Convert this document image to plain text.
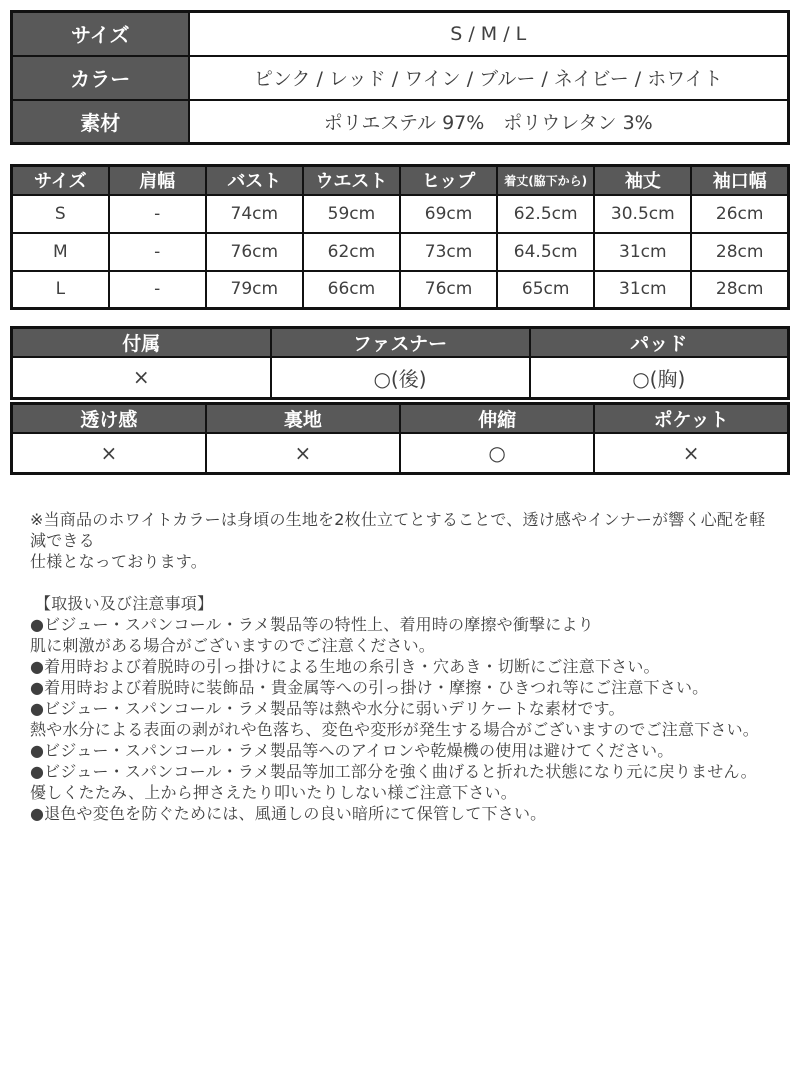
サイズ	S / M / L
カラー	ピンク / レッド / ワイン / ブルー / ネイビー / ホワイト
素材	ポリエステル 97%　ポリウレタン 3%
サイズ	肩幅	バスト	ウエスト	ヒップ	着丈(脇下から)	袖丈	袖口幅
S	-	74cm	59cm	69cm	62.5cm	30.5cm	26cm
M	-	76cm	62cm	73cm	64.5cm	31cm	28cm
L	-	79cm	66cm	76cm	65cm	31cm	28cm
付属	ファスナー	パッド
×	○(後)	○(胸)
透け感	裏地	伸縮	ポケット
×	×	○	×
※当商品のホワイトカラーは身頃の生地を2枚仕立てとすることで、透け感やインナーが響く心配を軽減できる
仕様となっております。
【取扱い及び注意事項】
●ビジュー・スパンコール・ラメ製品等の特性上、着用時の摩擦や衝撃により
肌に刺激がある場合がございますのでご注意ください。
●着用時および着脱時の引っ掛けによる生地の糸引き・穴あき・切断にご注意下さい。
●着用時および着脱時に装飾品・貴金属等への引っ掛け・摩擦・ひきつれ等にご注意下さい。
●ビジュー・スパンコール・ラメ製品等は熱や水分に弱いデリケートな素材です。
熱や水分による表面の剥がれや色落ち、変色や変形が発生する場合がございますのでご注意下さい。
●ビジュー・スパンコール・ラメ製品等へのアイロンや乾燥機の使用は避けてください。
●ビジュー・スパンコール・ラメ製品等加工部分を強く曲げると折れた状態になり元に戻りません。
優しくたたみ、上から押さえたり叩いたりしない様ご注意下さい。
●退色や変色を防ぐためには、風通しの良い暗所にて保管して下さい。
